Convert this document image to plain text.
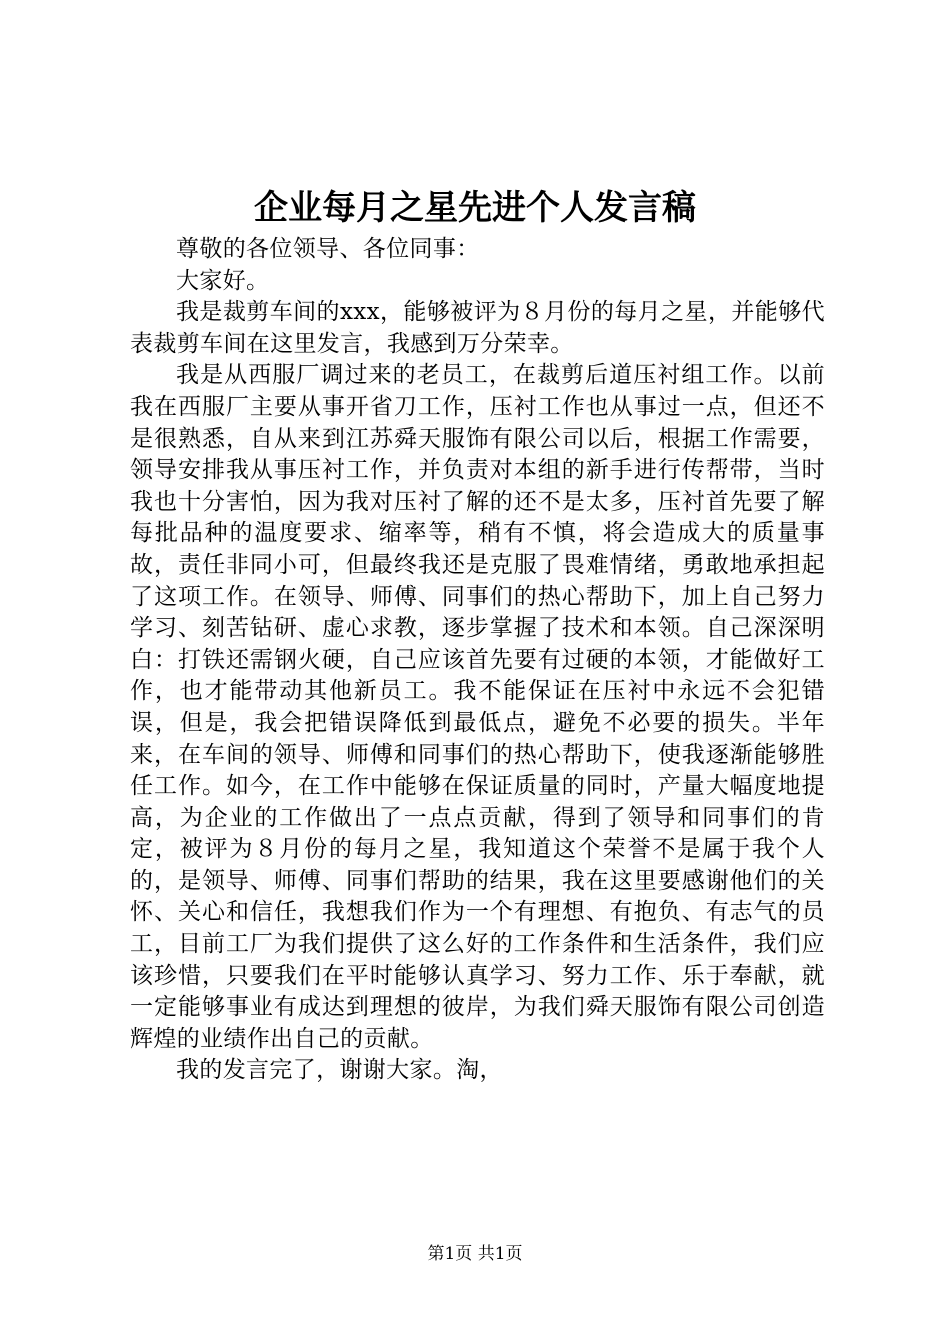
企业每月之星先进个人发言稿

尊敬的各位领导、各位同事：

大家好。

我是裁剪车间的xxx，能够被评为８月份的每月之星，并能够代表裁剪车间在这里发言，我感到万分荣幸。

我是从西服厂调过来的老员工，在裁剪后道压衬组工作。以前我在西服厂主要从事开省刀工作，压衬工作也从事过一点，但还不是很熟悉，自从来到江苏舜天服饰有限公司以后，根据工作需要，领导安排我从事压衬工作，并负责对本组的新手进行传帮带，当时我也十分害怕，因为我对压衬了解的还不是太多，压衬首先要了解每批品种的温度要求、缩率等，稍有不慎，将会造成大的质量事故，责任非同小可，但最终我还是克服了畏难情绪，勇敢地承担起了这项工作。在领导、师傅、同事们的热心帮助下，加上自己努力学习、刻苦钻研、虚心求教，逐步掌握了技术和本领。自己深深明白：打铁还需钢火硬，自己应该首先要有过硬的本领，才能做好工作，也才能带动其他新员工。我不能保证在压衬中永远不会犯错误，但是，我会把错误降低到最低点，避免不必要的损失。半年来，在车间的领导、师傅和同事们的热心帮助下，使我逐渐能够胜任工作。如今，在工作中能够在保证质量的同时，产量大幅度地提高，为企业的工作做出了一点点贡献，得到了领导和同事们的肯定，被评为８月份的每月之星，我知道这个荣誉不是属于我个人的，是领导、师傅、同事们帮助的结果，我在这里要感谢他们的关怀、关心和信任，我想我们作为一个有理想、有抱负、有志气的员工，目前工厂为我们提供了这么好的工作条件和生活条件，我们应该珍惜，只要我们在平时能够认真学习、努力工作、乐于奉献，就一定能够事业有成达到理想的彼岸，为我们舜天服饰有限公司创造辉煌的业绩作出自己的贡献。

我的发言完了，谢谢大家。淘，

第1页 共1页
